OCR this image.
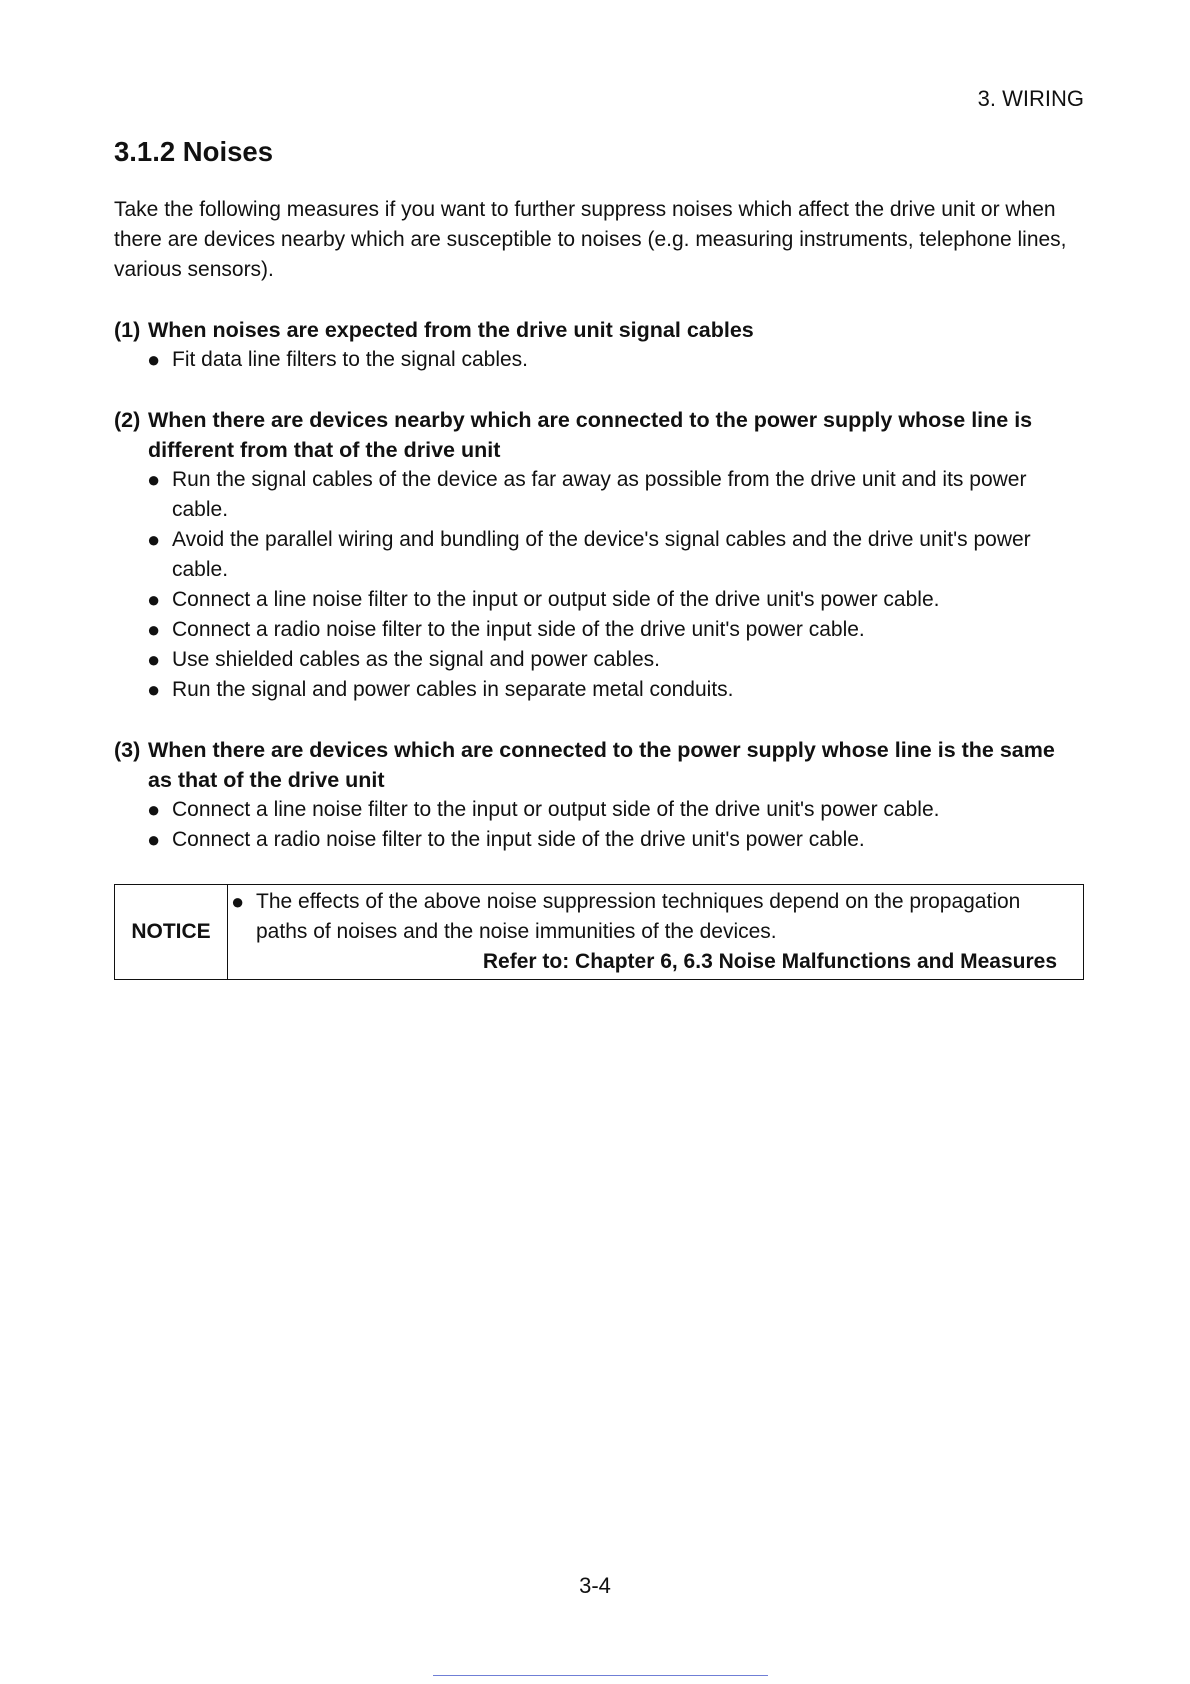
3. WIRING
3.1.2 Noises

Take the following measures if you want to further suppress noises which affect the drive unit or when there are devices nearby which are susceptible to noises (e.g. measuring instruments, telephone lines, various sensors).

(1) When noises are expected from the drive unit signal cables
● Fit data line filters to the signal cables.
(2) When there are devices nearby which are connected to the power supply whose line is different from that of the drive unit
● Run the signal cables of the device as far away as possible from the drive unit and its power cable.
● Avoid the parallel wiring and bundling of the device's signal cables and the drive unit's power cable.
● Connect a line noise filter to the input or output side of the drive unit's power cable.
● Connect a radio noise filter to the input side of the drive unit's power cable.
● Use shielded cables as the signal and power cables.
● Run the signal and power cables in separate metal conduits.
(3) When there are devices which are connected to the power supply whose line is the same as that of the drive unit
● Connect a line noise filter to the input or output side of the drive unit's power cable.
● Connect a radio noise filter to the input side of the drive unit's power cable.
NOTICE
● The effects of the above noise suppression techniques depend on the propagation paths of noises and the noise immunities of the devices.
Refer to: Chapter 6, 6.3 Noise Malfunctions and Measures
3-4
